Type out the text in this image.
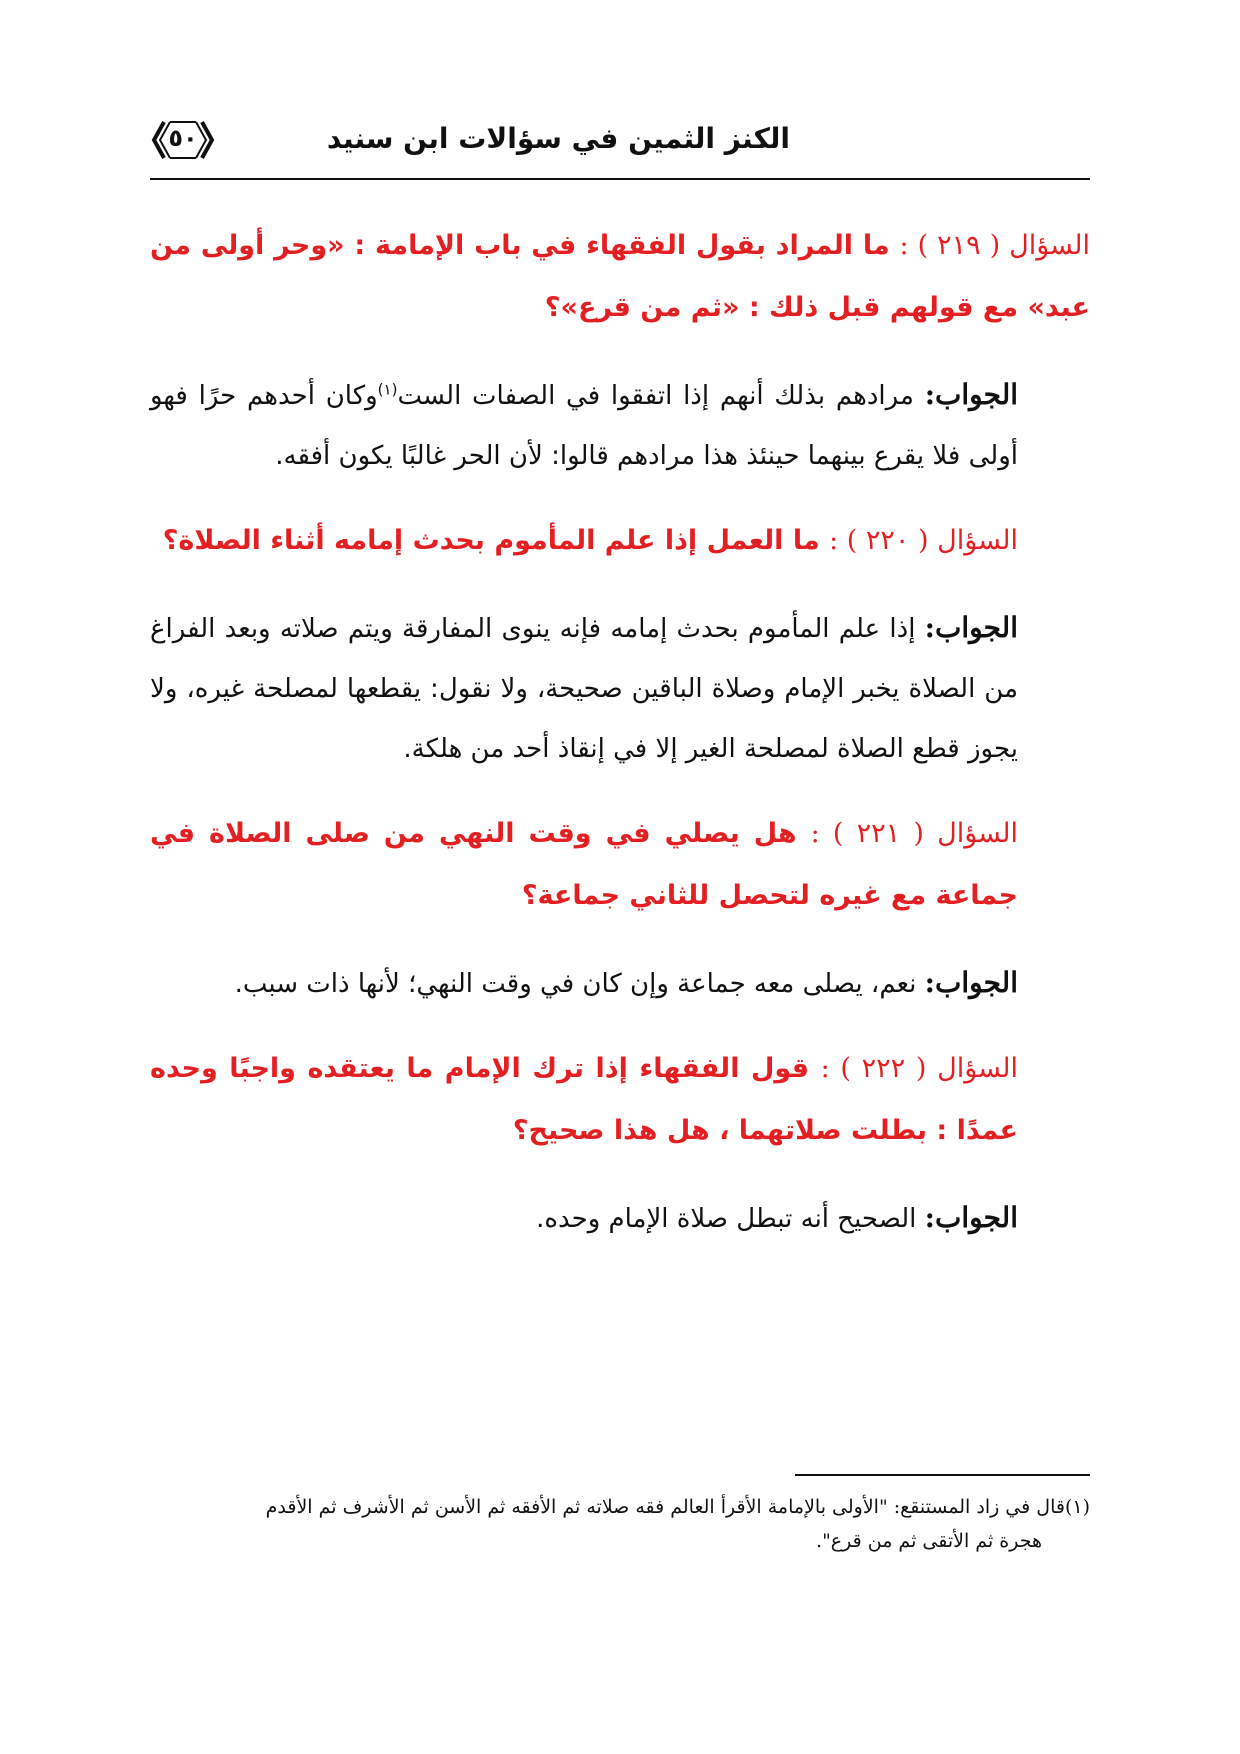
الكنز الثمين في سؤالات ابن سنيد
٥٠

السؤال ( ٢١٩ ) : ما المراد بقول الفقهاء في باب الإمامة : «وحر أولى من عبد» مع قولهم قبل ذلك : «ثم من قرع»؟

الجواب: مرادهم بذلك أنهم إذا اتفقوا في الصفات الست$^{(١)}$وكان أحدهم حرًا فهو أولى فلا يقرع بينهما حينئذ هذا مرادهم قالوا: لأن الحر غالبًا يكون أفقه.

السؤال ( ٢٢٠ ) : ما العمل إذا علم المأموم بحدث إمامه أثناء الصلاة؟

الجواب: إذا علم المأموم بحدث إمامه فإنه ينوى المفارقة ويتم صلاته وبعد الفراغ من الصلاة يخبر الإمام وصلاة الباقين صحيحة، ولا نقول: يقطعها لمصلحة غيره، ولا يجوز قطع الصلاة لمصلحة الغير إلا في إنقاذ أحد من هلكة.

السؤال ( ٢٢١ ) : هل يصلي في وقت النهي من صلى الصلاة في جماعة مع غيره لتحصل للثاني جماعة؟

الجواب: نعم، يصلى معه جماعة وإن كان في وقت النهي؛ لأنها ذات سبب.

السؤال ( ٢٢٢ ) : قول الفقهاء إذا ترك الإمام ما يعتقده واجبًا وحده عمدًا : بطلت صلاتهما ، هل هذا صحيح؟

الجواب: الصحيح أنه تبطل صلاة الإمام وحده.

(١)قال في زاد المستنقع: "الأولى بالإمامة الأقرأ العالم فقه صلاته ثم الأفقه ثم الأسن ثم الأشرف ثم الأقدم
هجرة ثم الأتقى ثم من قرع".
